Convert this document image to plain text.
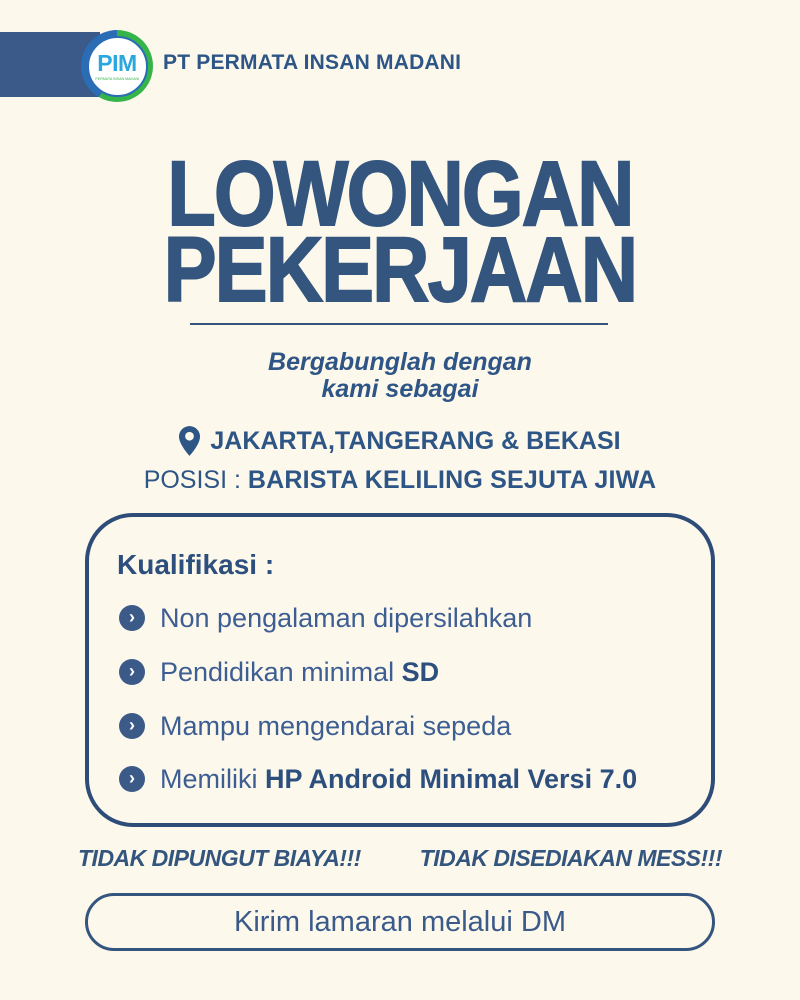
PIM
PERMATA INSAN MADANI
PT PERMATA INSAN MADANI
LOWONGAN
PEKERJAAN
Bergabunglah dengan
kami sebagai
JAKARTA,TANGERANG & BEKASI
POSISI : BARISTA KELILING SEJUTA JIWA
Kualifikasi :
› Non pengalaman dipersilahkan
› Pendidikan minimal SD
› Mampu mengendarai sepeda
› Memiliki HP Android Minimal Versi 7.0
TIDAK DIPUNGUT BIAYA!!!	TIDAK DISEDIAKAN MESS!!!
Kirim lamaran melalui DM
